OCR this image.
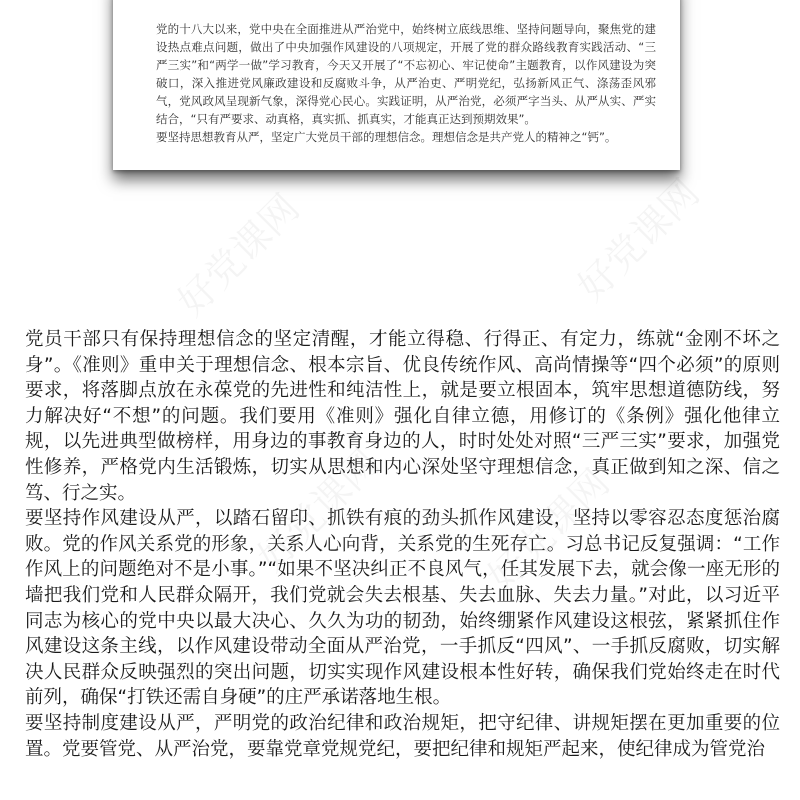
党的十八大以来，党中央在全面推进从严治党中，始终树立底线思维、坚持问题导向，聚焦党的建设热点难点问题，做出了中央加强作风建设的八项规定，开展了党的群众路线教育实践活动、“三严三实”和“两学一做”学习教育，今天又开展了“不忘初心、牢记使命”主题教育，以作风建设为突破口，深入推进党风廉政建设和反腐败斗争，从严治吏、严明党纪，弘扬新风正气、涤荡歪风邪气，党风政风呈现新气象，深得党心民心。实践证明，从严治党，必须严字当头、从严从实、严实结合，“只有严要求、动真格，真实抓、抓真实，才能真正达到预期效果”。

要坚持思想教育从严，坚定广大党员干部的理想信念。理想信念是共产党人的精神之“钙”。

党员干部只有保持理想信念的坚定清醒，才能立得稳、行得正、有定力，练就“金刚不坏之身”。《准则》重申关于理想信念、根本宗旨、优良传统作风、高尚情操等“四个必须”的原则要求，将落脚点放在永葆党的先进性和纯洁性上，就是要立根固本，筑牢思想道德防线，努力解决好“不想”的问题。我们要用《准则》强化自律立德，用修订的《条例》强化他律立规，以先进典型做榜样，用身边的事教育身边的人，时时处处对照“三严三实”要求，加强党性修养，严格党内生活锻炼，切实从思想和内心深处坚守理想信念，真正做到知之深、信之笃、行之实。

要坚持作风建设从严，以踏石留印、抓铁有痕的劲头抓作风建设，坚持以零容忍态度惩治腐败。党的作风关系党的形象，关系人心向背，关系党的生死存亡。习总书记反复强调：“工作作风上的问题绝对不是小事。”“如果不坚决纠正不良风气，任其发展下去，就会像一座无形的墙把我们党和人民群众隔开，我们党就会失去根基、失去血脉、失去力量。”对此，以习近平同志为核心的党中央以最大决心、久久为功的韧劲，始终绷紧作风建设这根弦，紧紧抓住作风建设这条主线，以作风建设带动全面从严治党，一手抓反“四风”、一手抓反腐败，切实解决人民群众反映强烈的突出问题，切实实现作风建设根本性好转，确保我们党始终走在时代前列，确保“打铁还需自身硬”的庄严承诺落地生根。

要坚持制度建设从严，严明党的政治纪律和政治规矩，把守纪律、讲规矩摆在更加重要的位置。党要管党、从严治党，要靠党章党规党纪，要把纪律和规矩严起来，使纪律成为管党治
